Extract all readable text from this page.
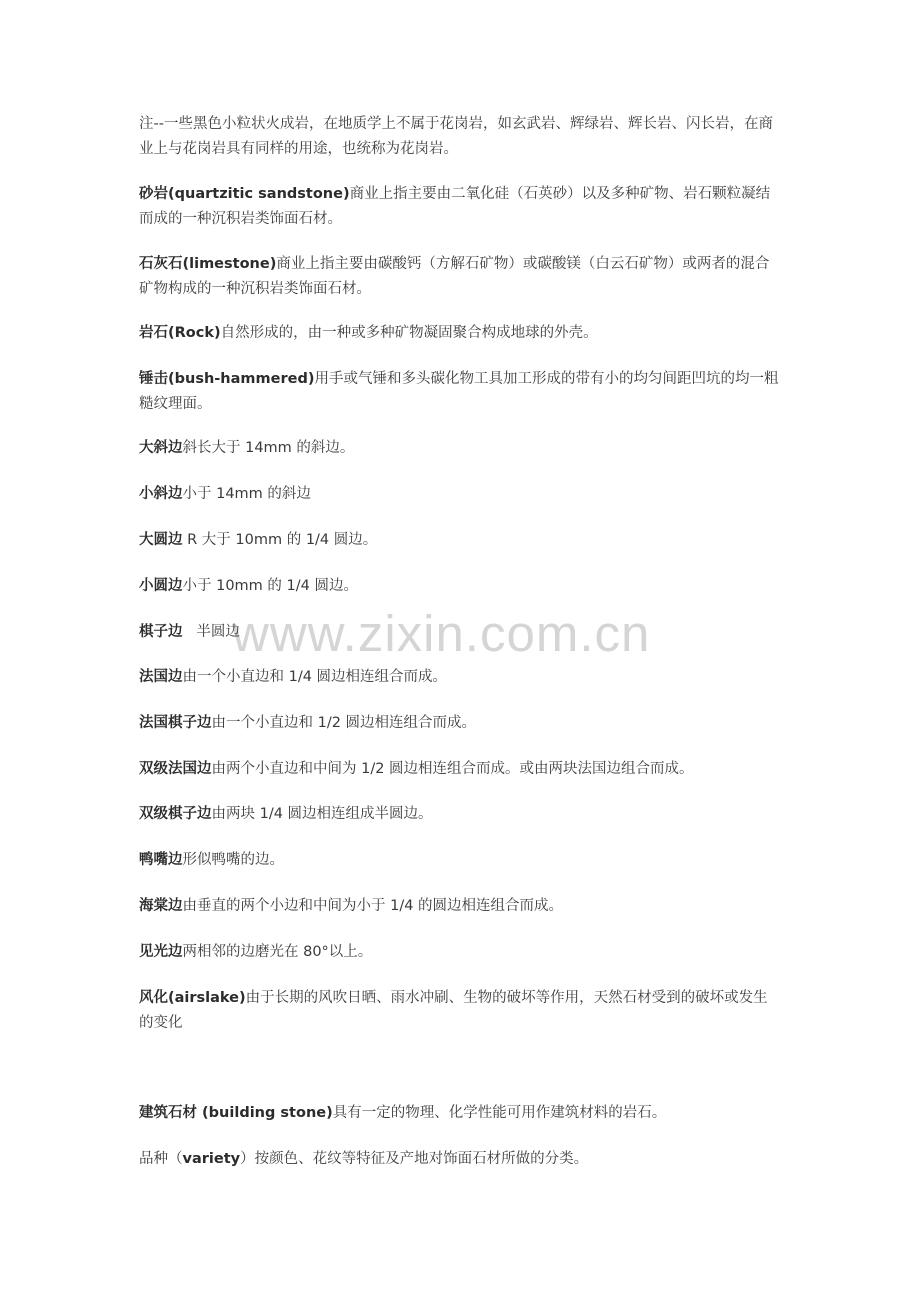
www.zixin.com.cn

注--一些黑色小粒状火成岩，在地质学上不属于花岗岩，如玄武岩、辉绿岩、辉长岩、闪长岩，在商业上与花岗岩具有同样的用途，也统称为花岗岩。

砂岩(quartzitic sandstone)商业上指主要由二氧化硅（石英砂）以及多种矿物、岩石颗粒凝结而成的一种沉积岩类饰面石材。

石灰石(limestone)商业上指主要由碳酸钙（方解石矿物）或碳酸镁（白云石矿物）或两者的混合矿物构成的一种沉积岩类饰面石材。

岩石(Rock)自然形成的，由一种或多种矿物凝固聚合构成地球的外壳。

锤击(bush-hammered)用手或气锤和多头碳化物工具加工形成的带有小的均匀间距凹坑的均一粗糙纹理面。

大斜边斜长大于 14mm 的斜边。

小斜边小于 14mm 的斜边

大圆边 R 大于 10mm 的 1/4 圆边。

小圆边小于 10mm 的 1/4 圆边。

棋子边   半圆边

法国边由一个小直边和 1/4 圆边相连组合而成。

法国棋子边由一个小直边和 1/2 圆边相连组合而成。

双级法国边由两个小直边和中间为 1/2 圆边相连组合而成。或由两块法国边组合而成。

双级棋子边由两块 1/4 圆边相连组成半圆边。

鸭嘴边形似鸭嘴的边。

海棠边由垂直的两个小边和中间为小于 1/4 的圆边相连组合而成。

见光边两相邻的边磨光在 80°以上。

风化(airslake)由于长期的风吹日晒、雨水冲刷、生物的破坏等作用，天然石材受到的破坏或发生的变化

建筑石材 (building stone)具有一定的物理、化学性能可用作建筑材料的岩石。

品种（variety）按颜色、花纹等特征及产地对饰面石材所做的分类。
